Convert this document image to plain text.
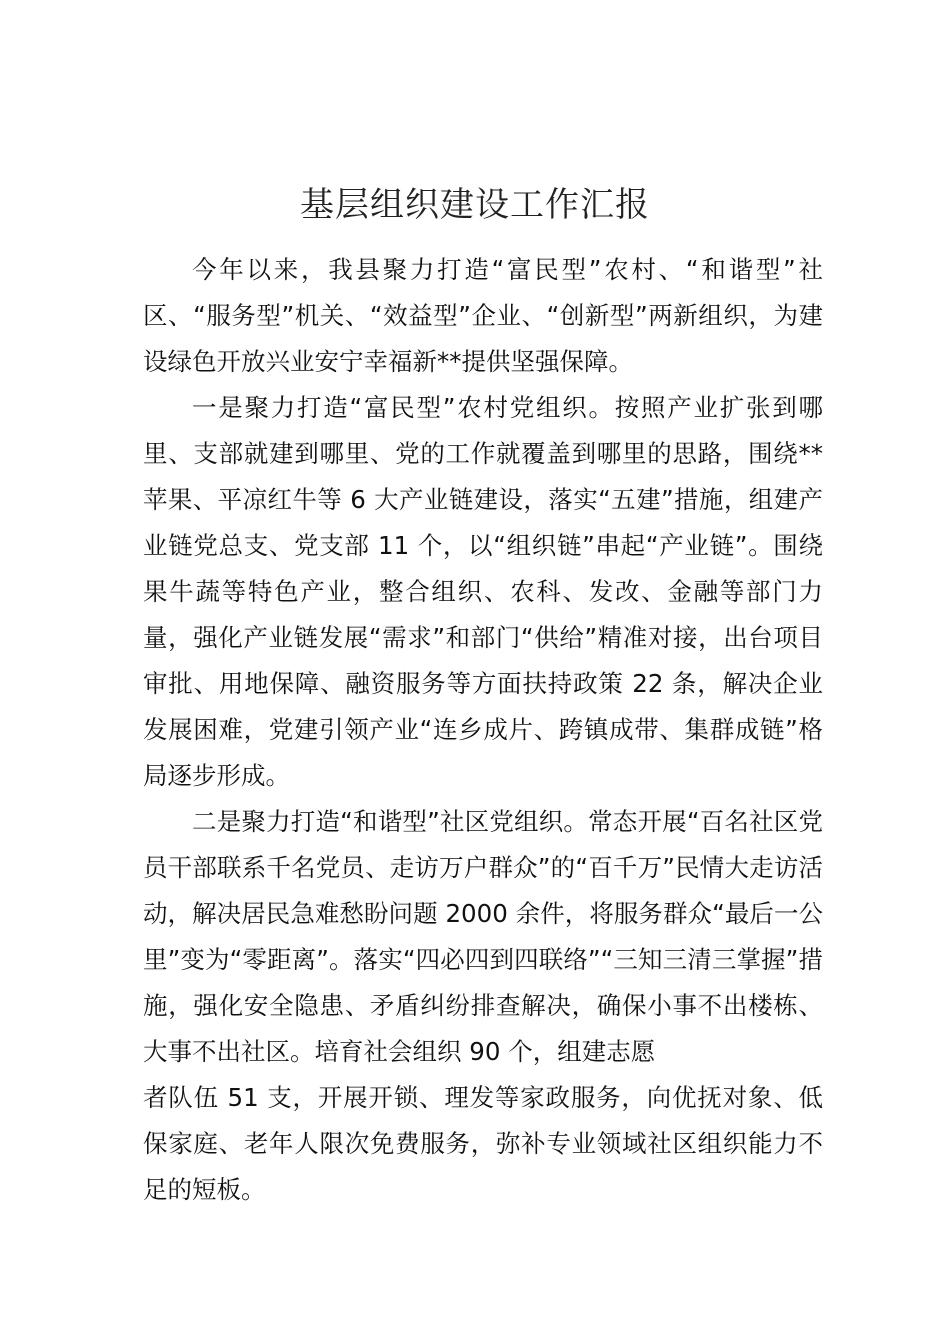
基层组织建设工作汇报

今年以来，我县聚力打造“富民型”农村、“和谐型”社区、“服务型”机关、“效益型”企业、“创新型”两新组织，为建设绿色开放兴业安宁幸福新**提供坚强保障。

一是聚力打造“富民型”农村党组织。按照产业扩张到哪里、支部就建到哪里、党的工作就覆盖到哪里的思路，围绕**苹果、平凉红牛等 6 大产业链建设，落实“五建”措施，组建产业链党总支、党支部 11 个，以“组织链”串起“产业链”。围绕果牛蔬等特色产业，整合组织、农科、发改、金融等部门力量，强化产业链发展“需求”和部门“供给”精准对接，出台项目审批、用地保障、融资服务等方面扶持政策 22 条，解决企业发展困难，党建引领产业“连乡成片、跨镇成带、集群成链”格局逐步形成。

二是聚力打造“和谐型”社区党组织。常态开展“百名社区党员干部联系千名党员、走访万户群众”的“百千万”民情大走访活动，解决居民急难愁盼问题 2000 余件，将服务群众“最后一公里”变为“零距离”。落实“四必四到四联络”“三知三清三掌握”措施，强化安全隐患、矛盾纠纷排查解决，确保小事不出楼栋、大事不出社区。培育社会组织 90 个，组建志愿

者队伍 51 支，开展开锁、理发等家政服务，向优抚对象、低保家庭、老年人限次免费服务，弥补专业领域社区组织能力不足的短板。
